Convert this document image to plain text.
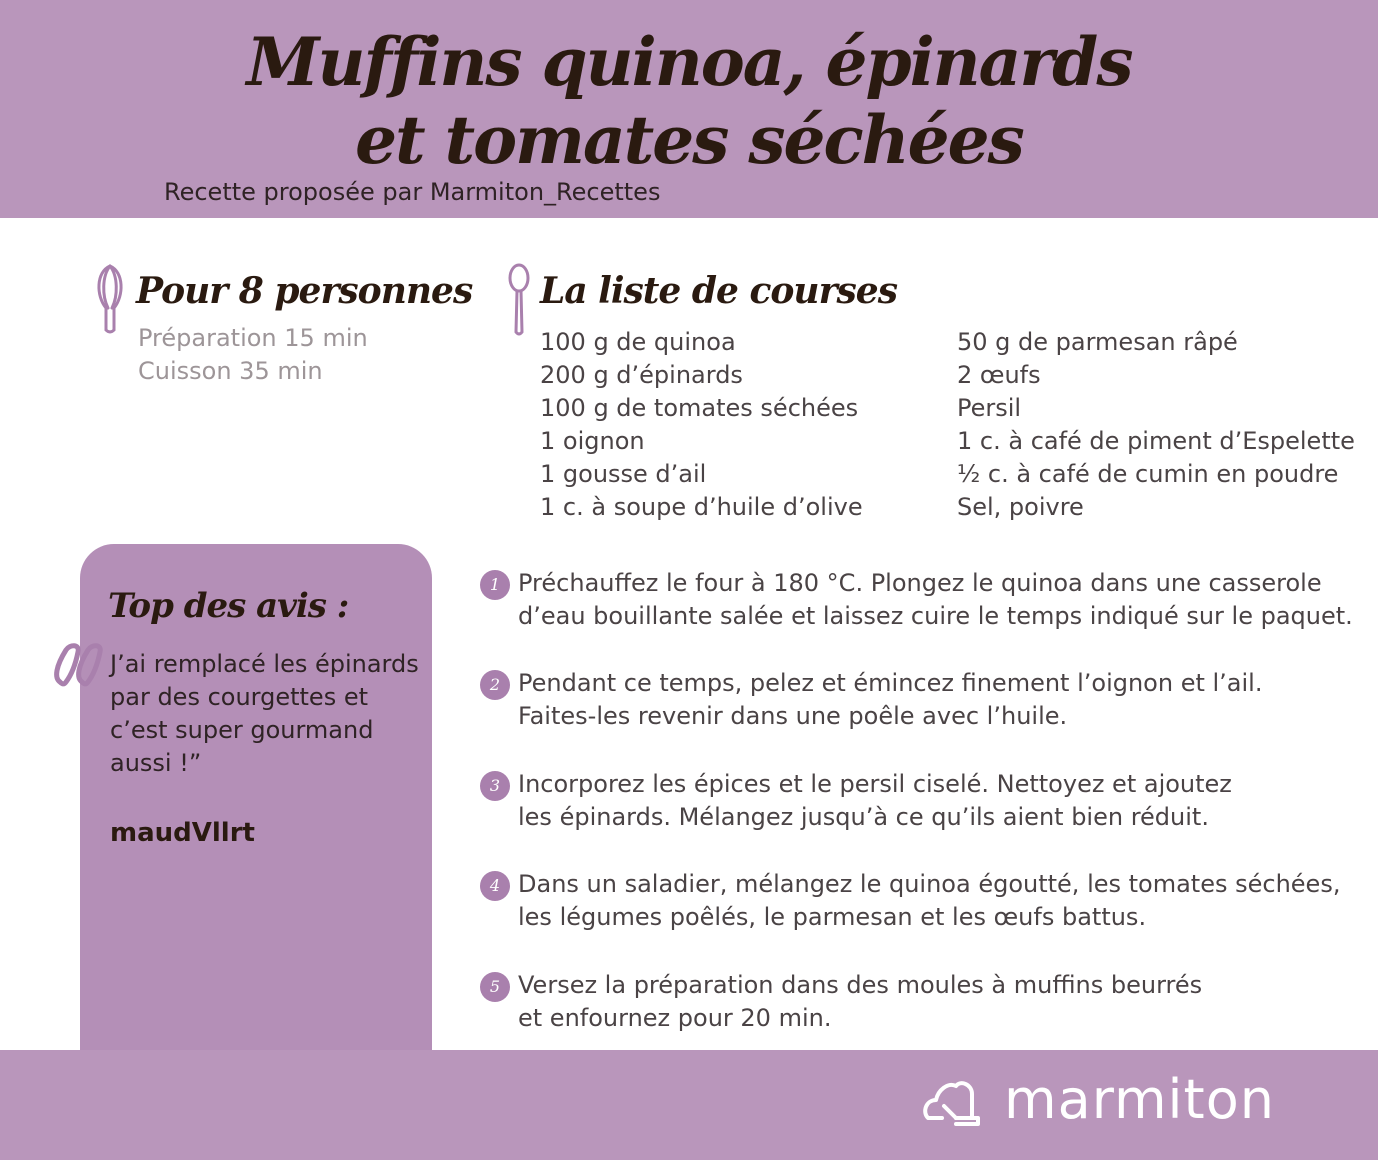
Muffins quinoa, épinards
et tomates séchées
Recette proposée par Marmiton_Recettes
Pour 8 personnes
Préparation 15 min
Cuisson 35 min
La liste de courses
100 g de quinoa
200 g d’épinards
100 g de tomates séchées
1 oignon
1 gousse d’ail
1 c. à soupe d’huile d’olive
50 g de parmesan râpé
2 œufs
Persil
1 c. à café de piment d’Espelette
½ c. à café de cumin en poudre
Sel, poivre
Top des avis :
J’ai remplacé les épinards par des courgettes et c’est super gourmand aussi !”
maudVllrt
1 Préchauffez le four à 180 °C. Plongez le quinoa dans une casserole
d’eau bouillante salée et laissez cuire le temps indiqué sur le paquet.
2 Pendant ce temps, pelez et émincez finement l’oignon et l’ail.
Faites-les revenir dans une poêle avec l’huile.
3 Incorporez les épices et le persil ciselé. Nettoyez et ajoutez
les épinards. Mélangez jusqu’à ce qu’ils aient bien réduit.
4 Dans un saladier, mélangez le quinoa égoutté, les tomates séchées,
les légumes poêlés, le parmesan et les œufs battus.
5 Versez la préparation dans des moules à muffins beurrés
et enfournez pour 20 min.
marmiton
